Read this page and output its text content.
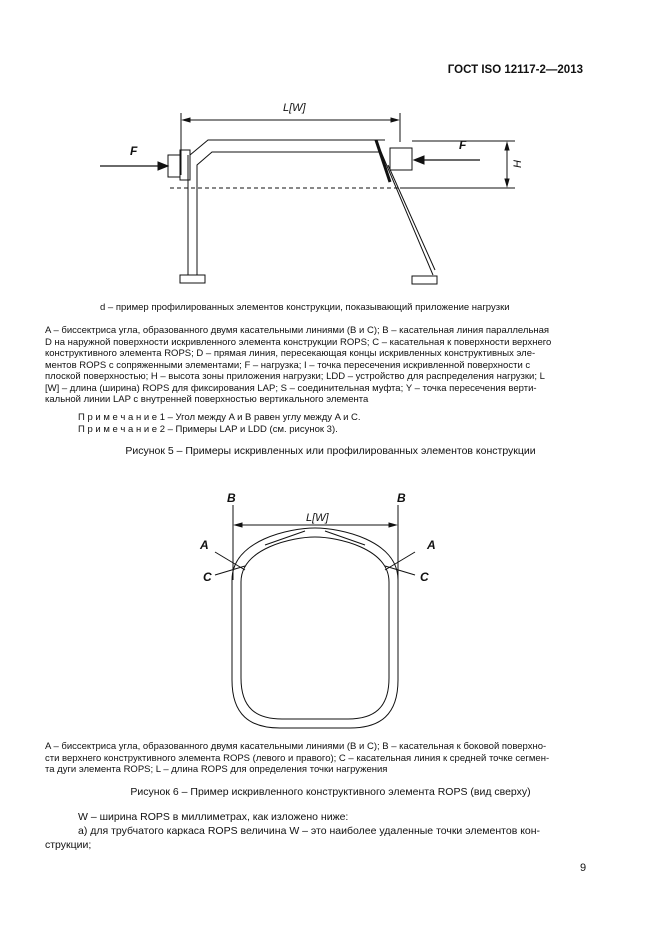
ГОСТ ISO 12117-2—2013
L[W]
F	F
H
d – пример профилированных элементов конструкции, показывающий приложение нагрузки
A – биссектриса угла, образованного двумя касательными линиями (B и C); B – касательная линия параллельная
D на наружной поверхности искривленного элемента конструкции ROPS; C – касательная к поверхности верхнего
конструктивного элемента ROPS; D – прямая линия, пересекающая концы искривленных конструктивных эле-
ментов ROPS с сопряженными элементами; F – нагрузка; I – точка пересечения искривленной поверхности с
плоской поверхностью; H – высота зоны приложения нагрузки; LDD – устройство для распределения нагрузки; L
[W] – длина (ширина) ROPS для фиксирования LAP; S – соединительная муфта; Y – точка пересечения верти-
кальной линии LAP с внутренней поверхностью вертикального элемента
П р и м е ч а н и е 1 – Угол между A и B равен углу между A и C.
П р и м е ч а н и е 2 – Примеры LAP и LDD (см. рисунок 3).
Рисунок 5 – Примеры искривленных или профилированных элементов конструкции
B	B
L[W]
A	A
C	C
A – биссектриса угла, образованного двумя касательными линиями (B и C); B – касательная к боковой поверхно-
сти верхнего конструктивного элемента ROPS (левого и правого); C – касательная линия к средней точке сегмен-
та дуги элемента ROPS; L – длина ROPS для определения точки нагружения
Рисунок 6 – Пример искривленного конструктивного элемента ROPS (вид сверху)
W – ширина ROPS в миллиметрах, как изложено ниже:
а) для трубчатого каркаса ROPS величина W – это наиболее удаленные точки элементов кон-
струкции;
9
